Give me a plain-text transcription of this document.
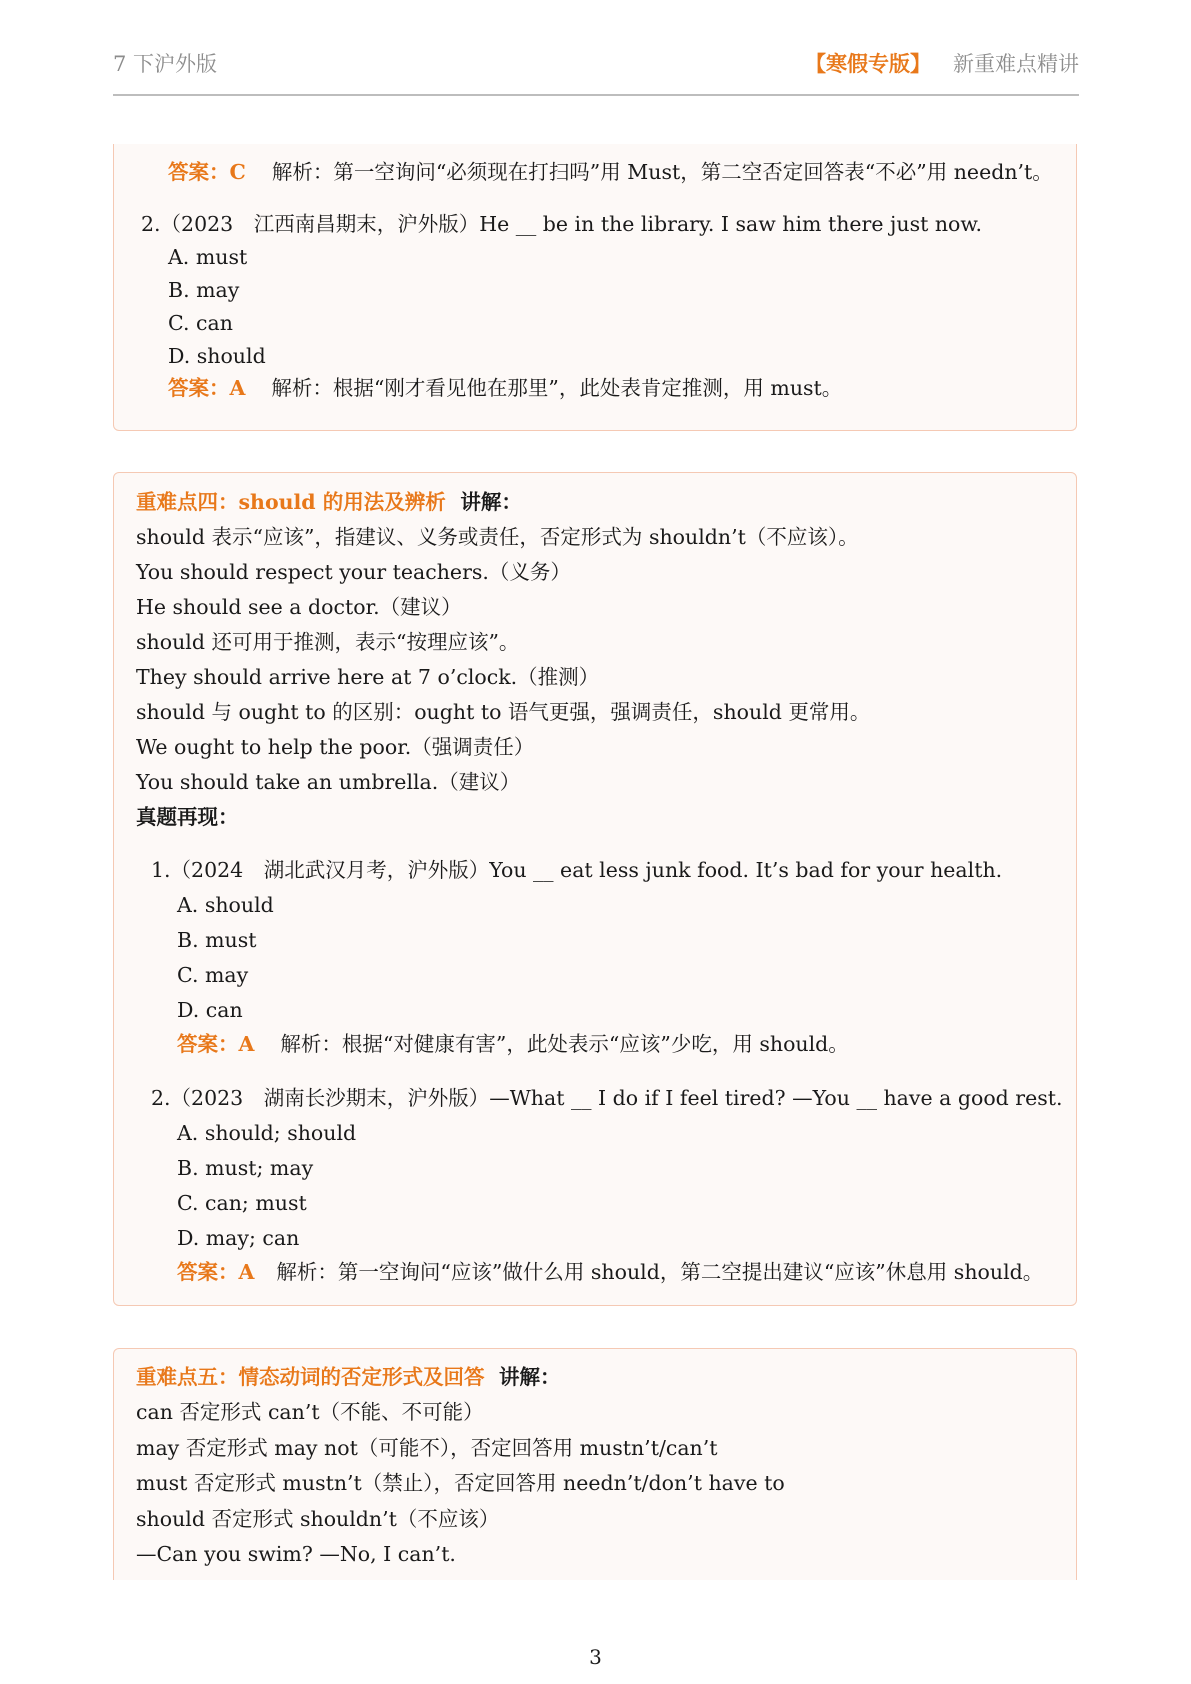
7 下沪外版	【寒假专版】 新重难点精讲
答案：C 解析：第一空询问“必须现在打扫吗”用 Must，第二空否定回答表“不必”用 needn’t。
2.（2023　江西南昌期末，沪外版）He __ be in the library. I saw him there just now.
A. must
B. may
C. can
D. should
答案：A 解析：根据“刚才看见他在那里”，此处表肯定推测，用 must。
重难点四：should 的用法及辨析 讲解：
should 表示“应该”，指建议、义务或责任，否定形式为 shouldn’t（不应该）。
You should respect your teachers.（义务）
He should see a doctor.（建议）
should 还可用于推测，表示“按理应该”。
They should arrive here at 7 o’clock.（推测）
should 与 ought to 的区别：ought to 语气更强，强调责任，should 更常用。
We ought to help the poor.（强调责任）
You should take an umbrella.（建议）
真题再现：
1.（2024　湖北武汉月考，沪外版）You __ eat less junk food. It’s bad for your health.
A. should
B. must
C. may
D. can
答案：A 解析：根据“对健康有害”，此处表示“应该”少吃，用 should。
2.（2023　湖南长沙期末，沪外版）—What __ I do if I feel tired? —You __ have a good rest.
A. should; should
B. must; may
C. can; must
D. may; can
答案：A 解析：第一空询问“应该”做什么用 should，第二空提出建议“应该”休息用 should。
重难点五：情态动词的否定形式及回答 讲解：
can 否定形式 can’t（不能、不可能）
may 否定形式 may not（可能不），否定回答用 mustn’t/can’t
must 否定形式 mustn’t（禁止），否定回答用 needn’t/don’t have to
should 否定形式 shouldn’t（不应该）
—Can you swim? —No, I can’t.
3
